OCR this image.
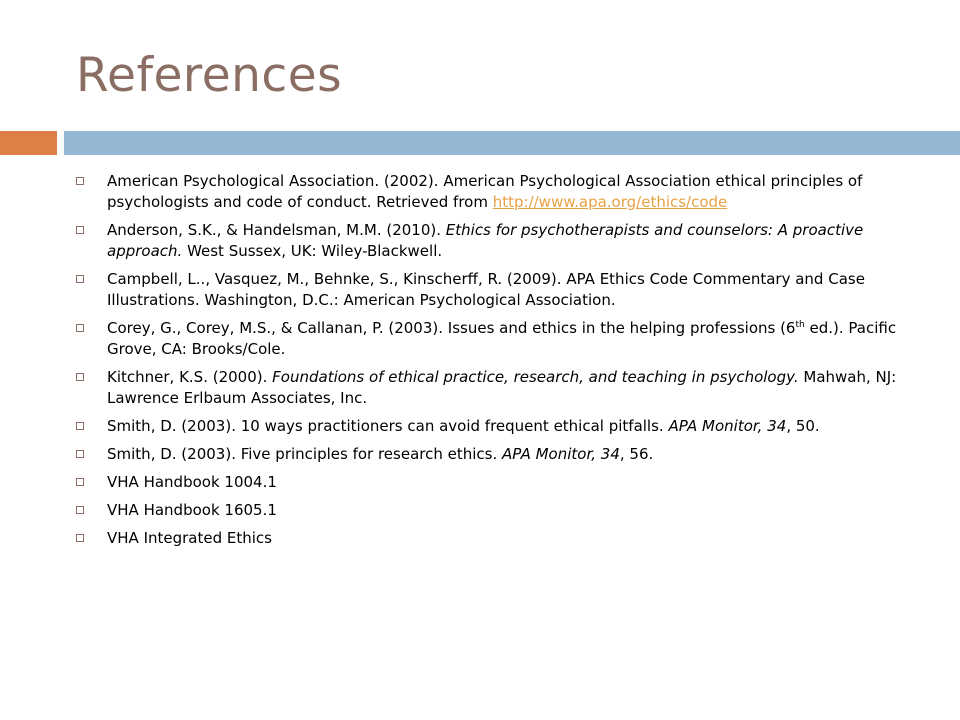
References
American Psychological Association. (2002). American Psychological Association ethical principles of psychologists and code of conduct. Retrieved from http://www.apa.org/ethics/code
Anderson, S.K., & Handelsman, M.M. (2010). Ethics for psychotherapists and counselors: A proactive approach. West Sussex, UK: Wiley-Blackwell.
Campbell, L.., Vasquez, M., Behnke, S., Kinscherff, R. (2009). APA Ethics Code Commentary and Case Illustrations. Washington, D.C.: American Psychological Association.
Corey, G., Corey, M.S., & Callanan, P. (2003). Issues and ethics in the helping professions (6th ed.). Pacific Grove, CA: Brooks/Cole.
Kitchner, K.S. (2000). Foundations of ethical practice, research, and teaching in psychology. Mahwah, NJ: Lawrence Erlbaum Associates, Inc.
Smith, D. (2003). 10 ways practitioners can avoid frequent ethical pitfalls. APA Monitor, 34, 50.
Smith, D. (2003). Five principles for research ethics. APA Monitor, 34, 56.
VHA Handbook 1004.1
VHA Handbook 1605.1
VHA Integrated Ethics
